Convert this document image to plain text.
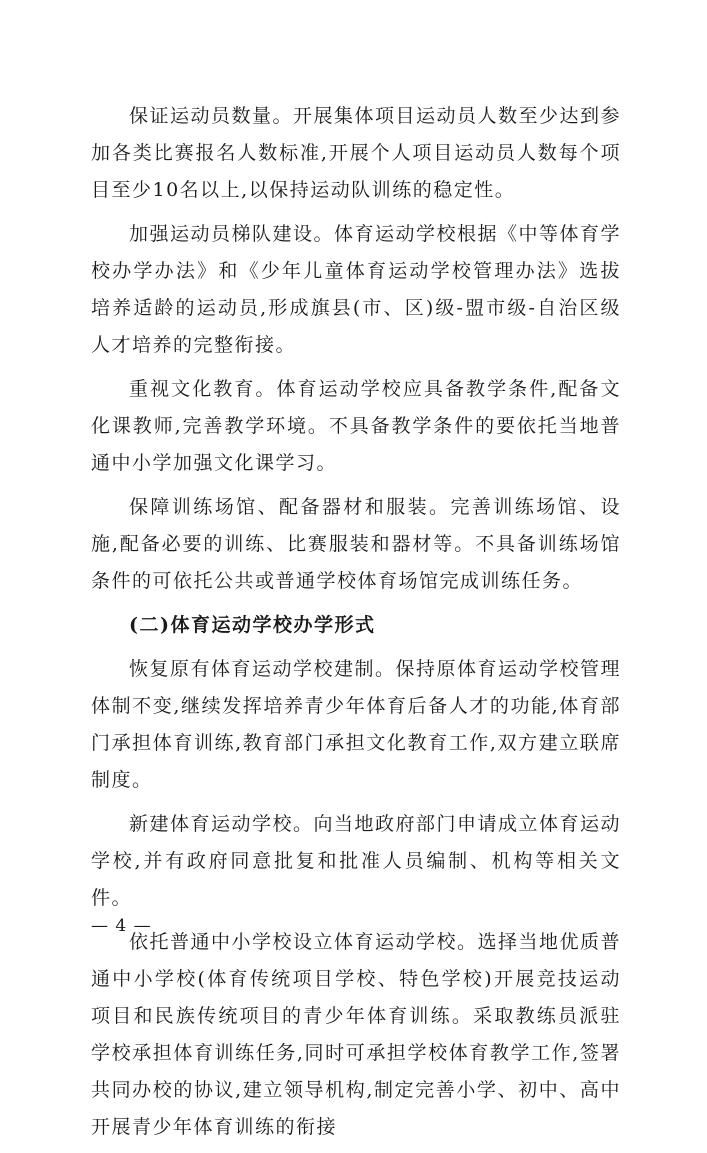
保证运动员数量。开展集体项目运动员人数至少达到参加各类比赛报名人数标准,开展个人项目运动员人数每个项目至少10名以上,以保持运动队训练的稳定性。

加强运动员梯队建设。体育运动学校根据《中等体育学校办学办法》和《少年儿童体育运动学校管理办法》选拔培养适龄的运动员,形成旗县(市、区)级-盟市级-自治区级人才培养的完整衔接。

重视文化教育。体育运动学校应具备教学条件,配备文化课教师,完善教学环境。不具备教学条件的要依托当地普通中小学加强文化课学习。

保障训练场馆、配备器材和服装。完善训练场馆、设施,配备必要的训练、比赛服装和器材等。不具备训练场馆条件的可依托公共或普通学校体育场馆完成训练任务。

(二)体育运动学校办学形式

恢复原有体育运动学校建制。保持原体育运动学校管理体制不变,继续发挥培养青少年体育后备人才的功能,体育部门承担体育训练,教育部门承担文化教育工作,双方建立联席制度。

新建体育运动学校。向当地政府部门申请成立体育运动学校,并有政府同意批复和批准人员编制、机构等相关文件。

依托普通中小学校设立体育运动学校。选择当地优质普通中小学校(体育传统项目学校、特色学校)开展竞技运动项目和民族传统项目的青少年体育训练。采取教练员派驻学校承担体育训练任务,同时可承担学校体育教学工作,签署共同办校的协议,建立领导机构,制定完善小学、初中、高中开展青少年体育训练的衔接

— 4 —
